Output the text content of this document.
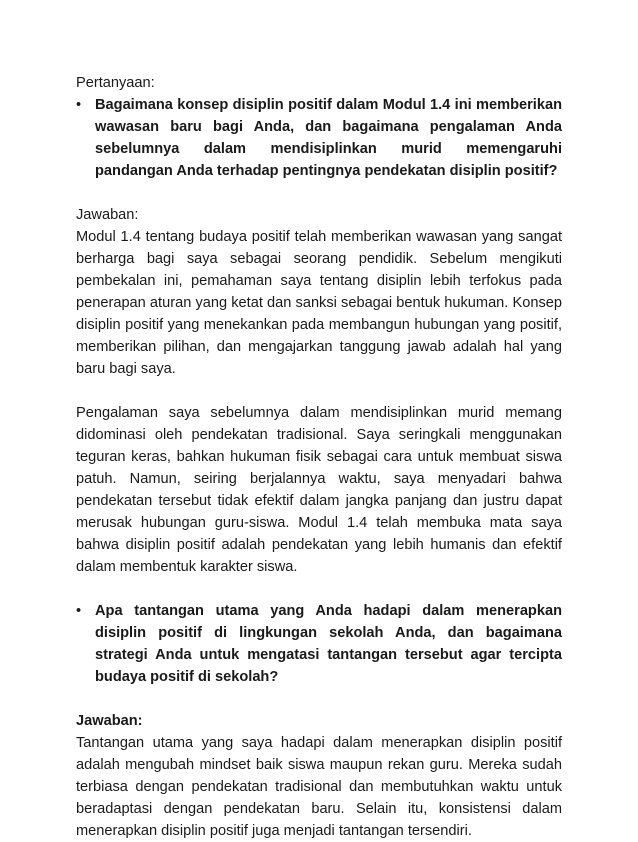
Pertanyaan:

• Bagaimana konsep disiplin positif dalam Modul 1.4 ini memberikan wawasan baru bagi Anda, dan bagaimana pengalaman Anda sebelumnya dalam mendisiplinkan murid memengaruhi pandangan Anda terhadap pentingnya pendekatan disiplin positif?

Jawaban:

Modul 1.4 tentang budaya positif telah memberikan wawasan yang sangat berharga bagi saya sebagai seorang pendidik. Sebelum mengikuti pembekalan ini, pemahaman saya tentang disiplin lebih terfokus pada penerapan aturan yang ketat dan sanksi sebagai bentuk hukuman. Konsep disiplin positif yang menekankan pada membangun hubungan yang positif, memberikan pilihan, dan mengajarkan tanggung jawab adalah hal yang baru bagi saya.

Pengalaman saya sebelumnya dalam mendisiplinkan murid memang didominasi oleh pendekatan tradisional. Saya seringkali menggunakan teguran keras, bahkan hukuman fisik sebagai cara untuk membuat siswa patuh. Namun, seiring berjalannya waktu, saya menyadari bahwa pendekatan tersebut tidak efektif dalam jangka panjang dan justru dapat merusak hubungan guru-siswa. Modul 1.4 telah membuka mata saya bahwa disiplin positif adalah pendekatan yang lebih humanis dan efektif dalam membentuk karakter siswa.

• Apa tantangan utama yang Anda hadapi dalam menerapkan disiplin positif di lingkungan sekolah Anda, dan bagaimana strategi Anda untuk mengatasi tantangan tersebut agar tercipta budaya positif di sekolah?

Jawaban:

Tantangan utama yang saya hadapi dalam menerapkan disiplin positif adalah mengubah mindset baik siswa maupun rekan guru. Mereka sudah terbiasa dengan pendekatan tradisional dan membutuhkan waktu untuk beradaptasi dengan pendekatan baru. Selain itu, konsistensi dalam menerapkan disiplin positif juga menjadi tantangan tersendiri.
